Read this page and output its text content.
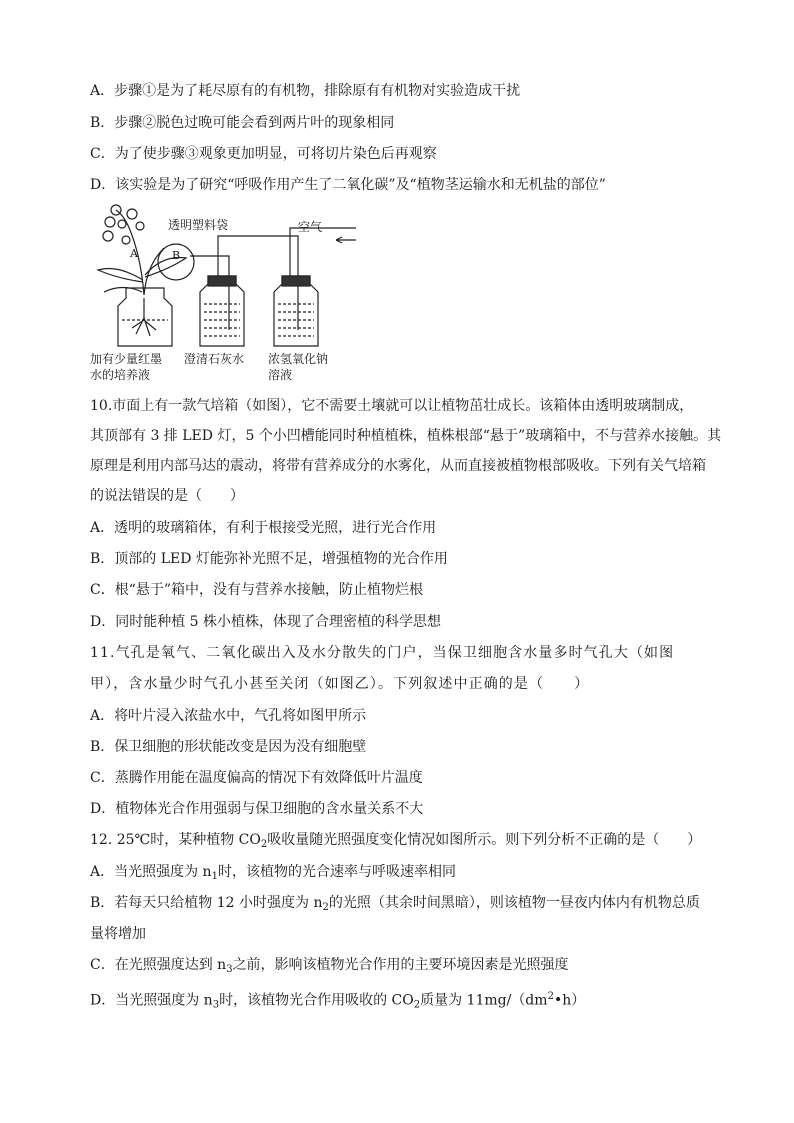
A．步骤①是为了耗尽原有的有机物，排除原有有机物对实验造成干扰
B．步骤②脱色过晚可能会看到两片叶的现象相同
C．为了使步骤③观象更加明显，可将切片染色后再观察
D．该实验是为了研究“呼吸作用产生了二氧化碳”及“植物茎运输水和无机盐的部位”
透明塑料袋	空气
A	B
加有少量红墨
水的培养液
澄清石灰水 浓氢氧化钠
溶液
10.市面上有一款气培箱（如图），它不需要土壤就可以让植物茁壮成长。该箱体由透明玻璃制成，
其顶部有 3 排 LED 灯，5 个小凹槽能同时种植植株，植株根部“悬于”玻璃箱中，不与营养水接触。其
原理是利用内部马达的震动，将带有营养成分的水雾化，从而直接被植物根部吸收。下列有关气培箱
的说法错误的是（　　）
A．透明的玻璃箱体，有利于根接受光照，进行光合作用
B．顶部的 LED 灯能弥补光照不足，增强植物的光合作用
C．根“悬于”箱中，没有与营养水接触，防止植物烂根
D．同时能种植 5 株小植株，体现了合理密植的科学思想
11.气孔是氧气、二氧化碳出入及水分散失的门户，当保卫细胞含水量多时气孔大（如图
甲），含水量少时气孔小甚至关闭（如图乙）。下列叙述中正确的是（　　）
A．将叶片浸入浓盐水中，气孔将如图甲所示
B．保卫细胞的形状能改变是因为没有细胞壁
C．蒸腾作用能在温度偏高的情况下有效降低叶片温度
D．植物体光合作用强弱与保卫细胞的含水量关系不大
12. 25℃时，某种植物 $CO_2$吸收量随光照强度变化情况如图所示。则下列分析不正确的是（　　）
A．当光照强度为 $n_1$时，该植物的光合速率与呼吸速率相同
B．若每天只给植物 12 小时强度为 $n_2$的光照（其余时间黑暗），则该植物一昼夜内体内有机物总质
量将增加
C．在光照强度达到 $n_3$之前，影响该植物光合作用的主要环境因素是光照强度
D．当光照强度为 $n_3$时，该植物光合作用吸收的 $CO_2$质量为 $11mg/(dm^2•h)$
